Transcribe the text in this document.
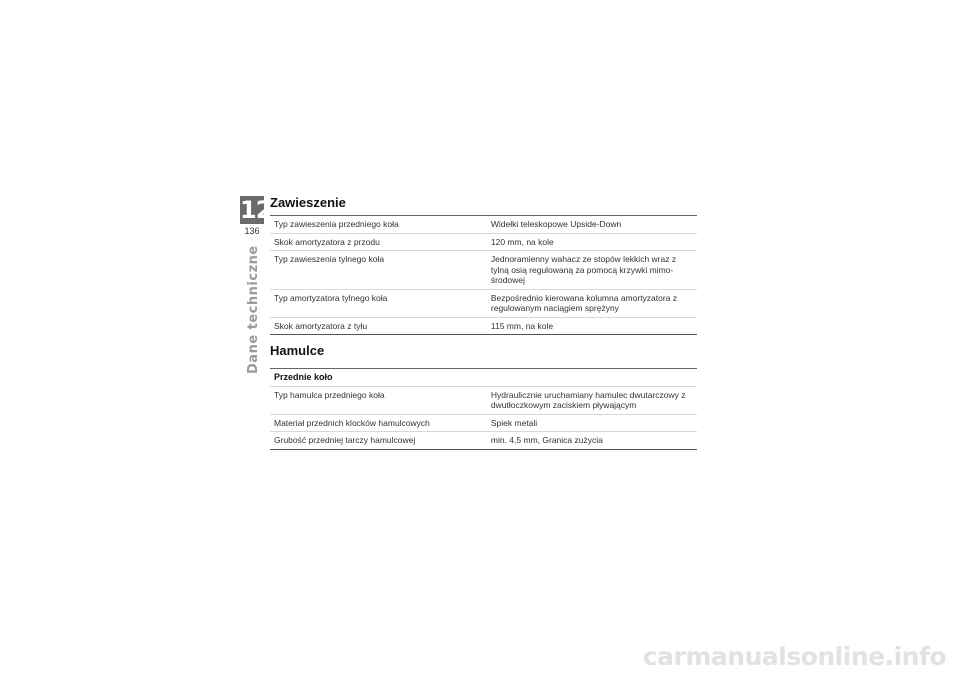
12
136
Dane techniczne
Zawieszenie
Typ zawieszenia przedniego koła	Widełki teleskopowe Upside-Down
Skok amortyzatora z przodu	120 mm, na kole
Typ zawieszenia tylnego koła	Jednoramienny wahacz ze stopów lekkich wraz z tylną osią regulowaną za pomocą krzywki mimośrodowej
Typ amortyzatora tylnego koła	Bezpośrednio kierowana kolumna amortyzatora z regulowanym naciągiem sprężyny
Skok amortyzatora z tyłu	115 mm, na kole
Hamulce
Przednie koło	
Typ hamulca przedniego koła	Hydraulicznie uruchamiany hamulec dwutarczowy z dwutłoczkowym zaciskiem pływającym
Materiał przednich klocków hamulcowych	Spiek metali
Grubość przedniej tarczy hamulcowej	min. 4,5 mm, Granica zużycia
carmanualsonline.info
